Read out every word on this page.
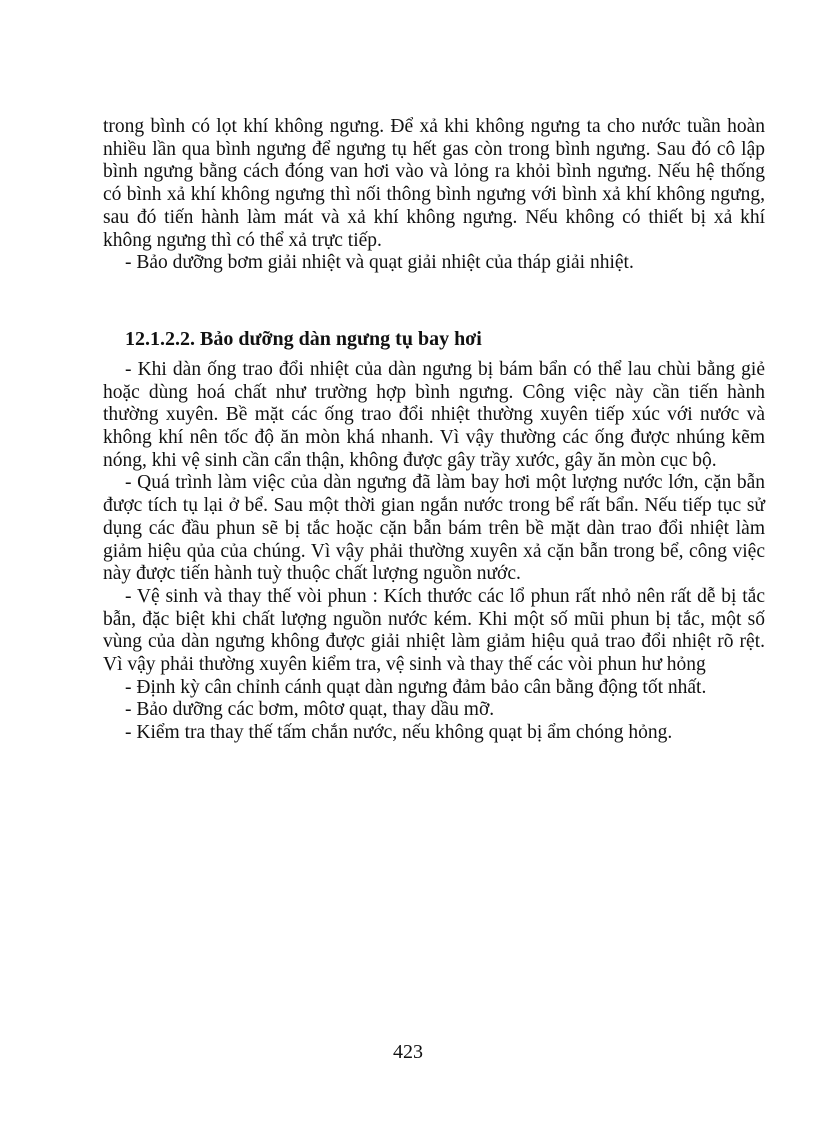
trong bình có lọt khí không ngưng. Để xả khi không ngưng ta cho nước tuần hoàn nhiều lần qua bình ngưng để ngưng tụ hết gas còn trong bình ngưng. Sau đó cô lập bình ngưng bằng cách đóng van hơi vào và lỏng ra khỏi bình ngưng. Nếu hệ thống có bình xả khí không ngưng thì nối thông bình ngưng với bình xả khí không ngưng, sau đó tiến hành làm mát và xả khí không ngưng. Nếu không có thiết bị xả khí không ngưng thì có thể xả trực tiếp.

- Bảo dưỡng bơm giải nhiệt và quạt giải nhiệt của tháp giải nhiệt.

12.1.2.2. Bảo dưỡng dàn ngưng tụ bay hơi

- Khi dàn ống trao đổi nhiệt của dàn ngưng bị bám bẩn có thể lau chùi bằng giẻ hoặc dùng hoá chất như trường hợp bình ngưng. Công việc này cần tiến hành thường xuyên. Bề mặt các ống trao đổi nhiệt thường xuyên tiếp xúc với nước và không khí nên tốc độ ăn mòn khá nhanh. Vì vậy thường các ống được nhúng kẽm nóng, khi vệ sinh cần cẩn thận, không được gây trầy xước, gây ăn mòn cục bộ.

- Quá trình làm việc của dàn ngưng đã làm bay hơi một lượng nước lớn, cặn bẫn được tích tụ lại ở bể. Sau một thời gian ngắn nước trong bể rất bẩn. Nếu tiếp tục sử dụng các đầu phun sẽ bị tắc hoặc cặn bẫn bám trên bề mặt dàn trao đổi nhiệt làm giảm hiệu qủa của chúng. Vì vậy phải thường xuyên xả cặn bẫn trong bể, công việc này được tiến hành tuỳ thuộc chất lượng nguồn nước.

- Vệ sinh và thay thế vòi phun : Kích thước các lổ phun rất nhỏ nên rất dễ bị tắc bẫn, đặc biệt khi chất lượng nguồn nước kém. Khi một số mũi phun bị tắc, một số vùng của dàn ngưng không được giải nhiệt làm giảm hiệu quả trao đổi nhiệt rõ rệt. Vì vậy phải thường xuyên kiểm tra, vệ sinh và thay thế các vòi phun hư hỏng

- Định kỳ cân chỉnh cánh quạt dàn ngưng đảm bảo cân bằng động tốt nhất.

- Bảo dưỡng các bơm, môtơ quạt, thay dầu mỡ.

- Kiểm tra thay thế tấm chắn nước, nếu không quạt bị ẩm chóng hỏng.

423
